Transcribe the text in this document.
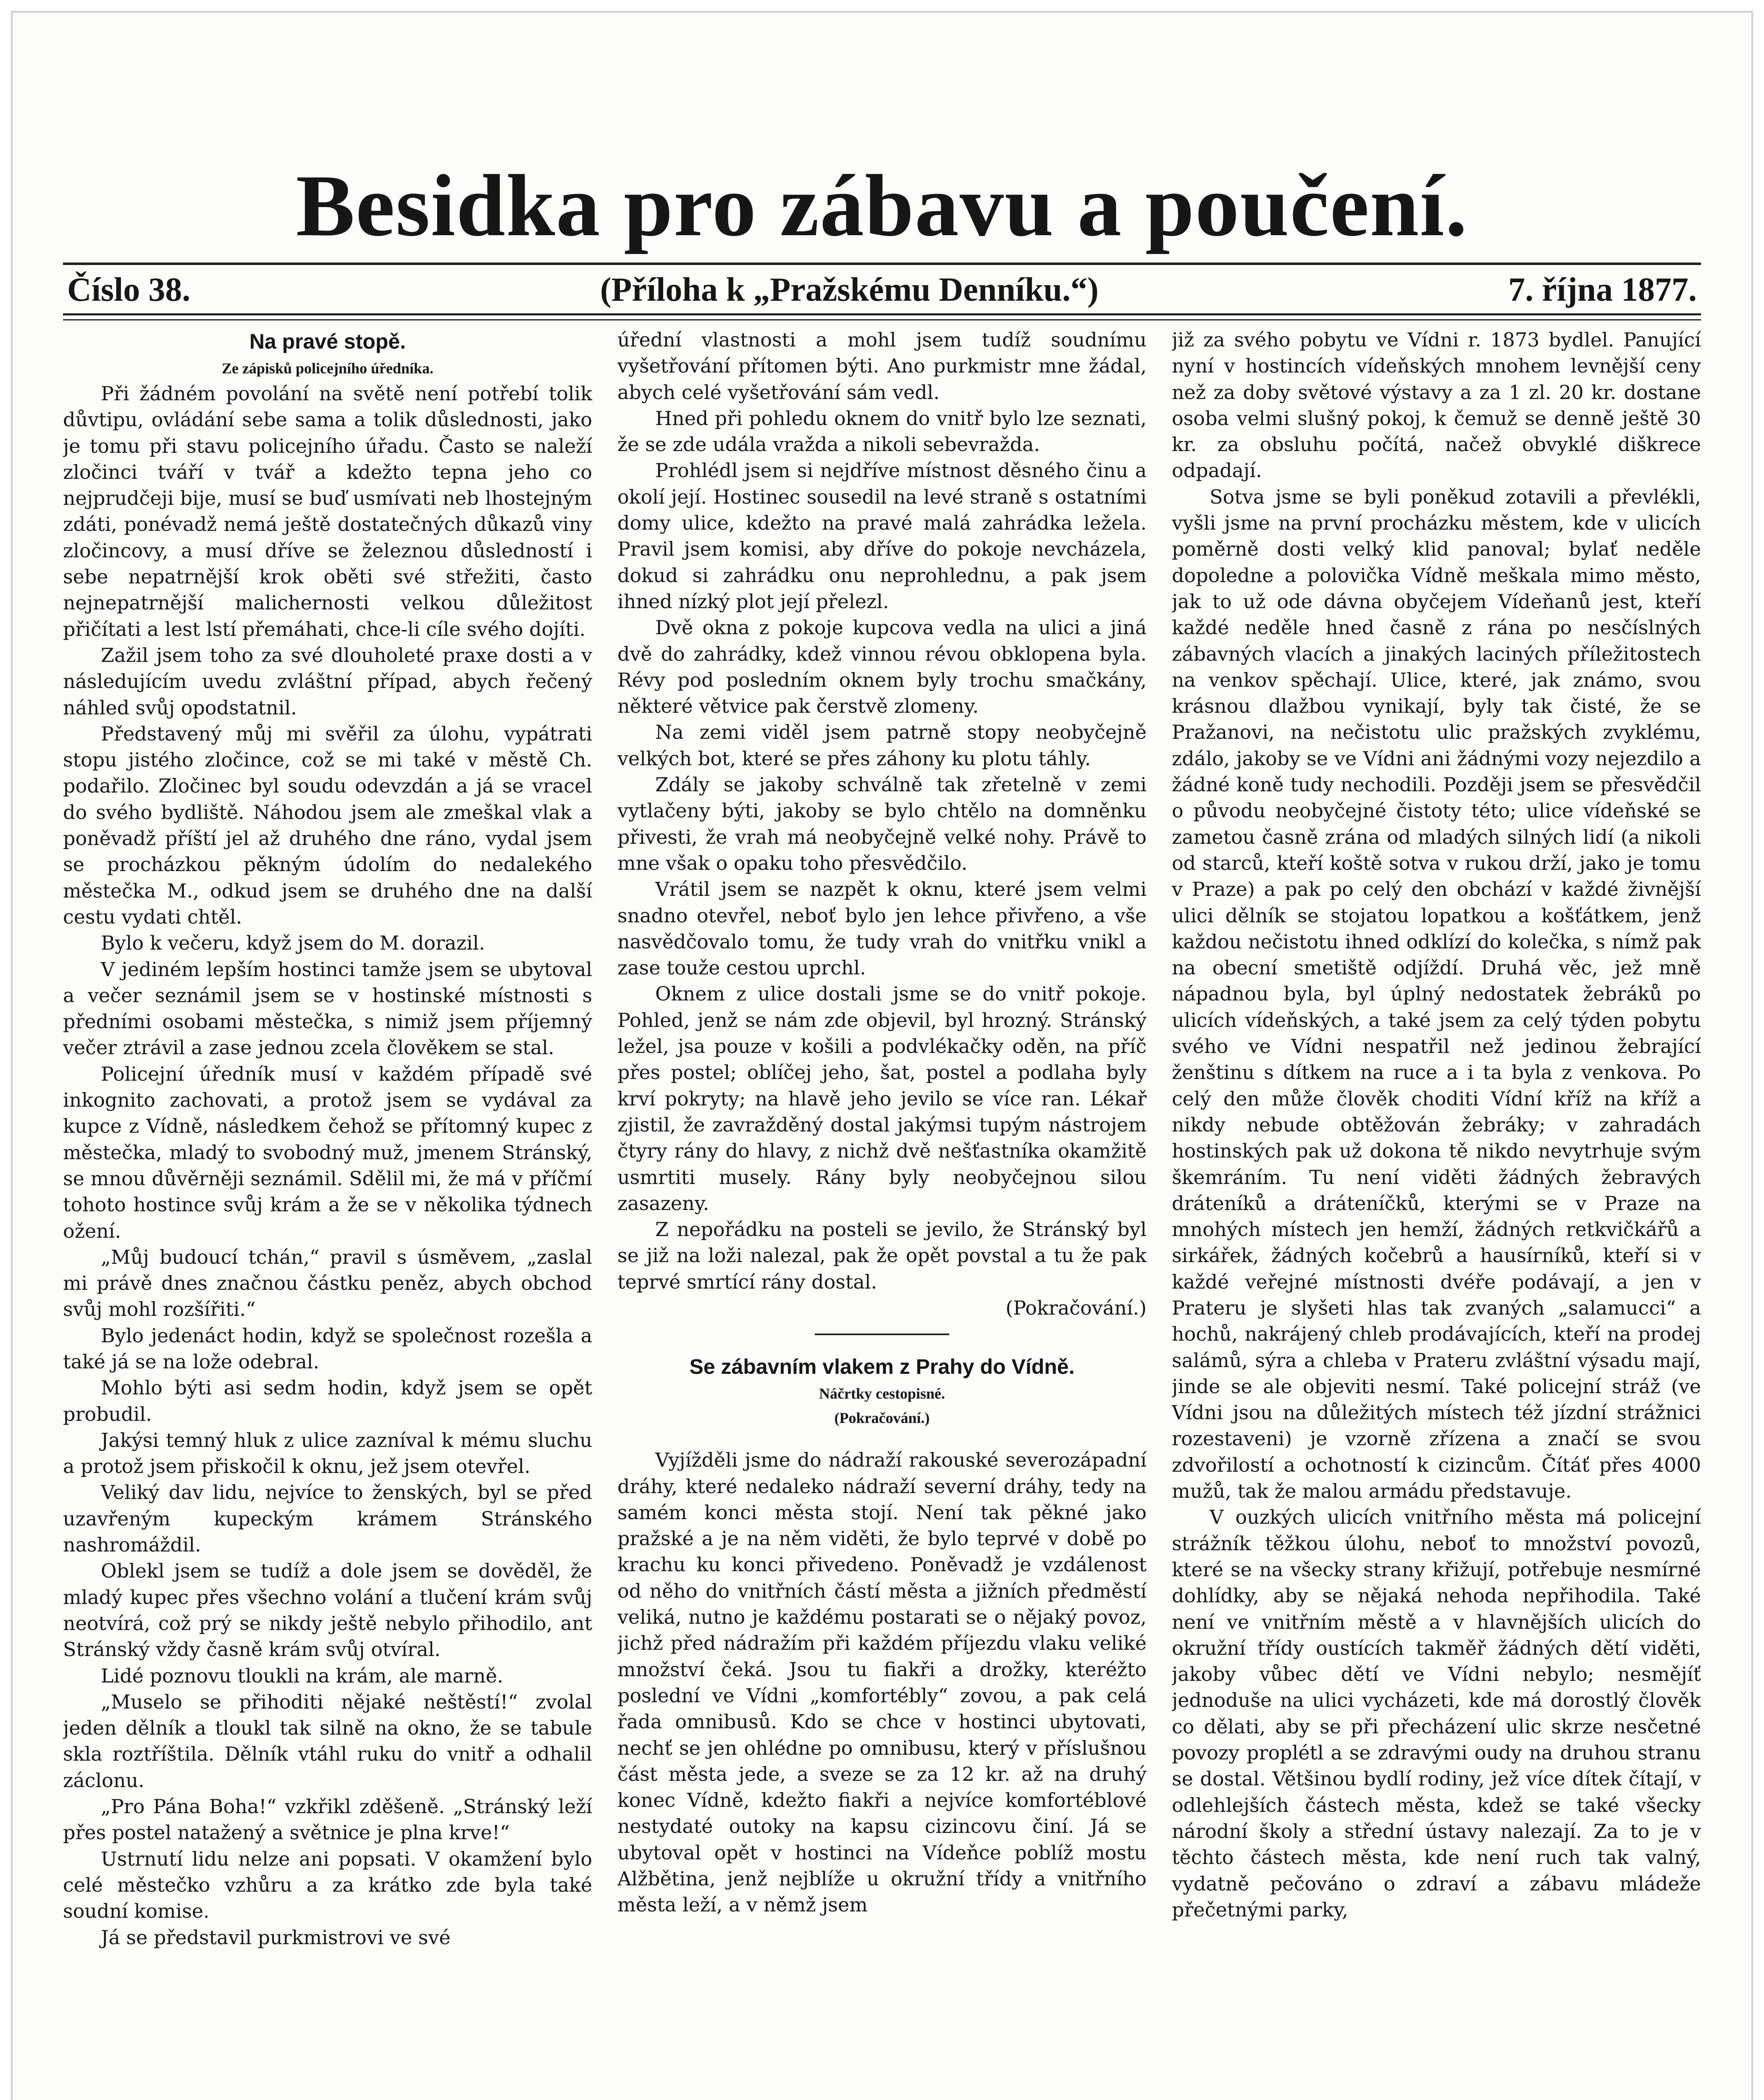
Besidka pro zábavu a poučení.
Číslo 38.	(Příloha k „Pražskému Denníku.“)	7. října 1877.

Na pravé stopě.

Ze zápisků policejního úředníka.

Při žádném povolání na světě není potřebí tolik důvtipu, ovládání sebe sama a tolik důslednosti, jako je tomu při stavu policejního úřadu. Často se naleží zločinci tváří v tvář a kdežto tepna jeho co nejprudčeji bije, musí se buď usmívati neb lhostejným zdáti, ponévadž nemá ještě dostatečných důkazů viny zločincovy, a musí dříve se železnou důsledností i sebe nepatrnější krok oběti své střežiti, často nejnepatrnější malichernosti velkou důležitost přičítati a lest lstí přemáhati, chce-li cíle svého dojíti.

Zažil jsem toho za své dlouholeté praxe dosti a v následujícím uvedu zvláštní případ, abych řečený náhled svůj opodstatnil.

Představený můj mi svěřil za úlohu, vypátrati stopu jistého zločince, což se mi také v městě Ch. podařilo. Zločinec byl soudu odevzdán a já se vracel do svého bydliště. Náhodou jsem ale zmeškal vlak a poněvadž příští jel až druhého dne ráno, vydal jsem se procházkou pěkným údolím do nedalekého městečka M., odkud jsem se druhého dne na další cestu vydati chtěl.

Bylo k večeru, když jsem do M. dorazil.

V jediném lepším hostinci tamže jsem se ubytoval a večer seznámil jsem se v hostinské místnosti s předními osobami městečka, s nimiž jsem příjemný večer ztrávil a zase jednou zcela člověkem se stal.

Policejní úředník musí v každém případě své inkognito zachovati, a protož jsem se vydával za kupce z Vídně, následkem čehož se přítomný kupec z městečka, mladý to svobodný muž, jmenem Stránský, se mnou důvěrněji seznámil. Sdělil mi, že má v příčmí tohoto hostince svůj krám a že se v několika týdnech ožení.

„Můj budoucí tchán,“ pravil s úsměvem, „zaslal mi právě dnes značnou částku peněz, abych obchod svůj mohl rozšířiti.“

Bylo jedenáct hodin, když se společnost rozešla a také já se na lože odebral.

Mohlo býti asi sedm hodin, když jsem se opět probudil.

Jakýsi temný hluk z ulice zazníval k mému sluchu a protož jsem přiskočil k oknu, jež jsem otevřel.

Veliký dav lidu, nejvíce to ženských, byl se před uzavřeným kupeckým krámem Stránského nashromáždil.

Oblekl jsem se tudíž a dole jsem se dověděl, že mladý kupec přes všechno volání a tlučení krám svůj neotvírá, což prý se nikdy ještě nebylo přihodilo, ant Stránský vždy časně krám svůj otvíral.

Lidé poznovu tloukli na krám, ale marně.

„Muselo se přihoditi nějaké neštěstí!“ zvolal jeden dělník a tloukl tak silně na okno, že se tabule skla roztříštila. Dělník vtáhl ruku do vnitř a odhalil záclonu.

„Pro Pána Boha!“ vzkřikl zděšeně. „Stránský leží přes postel natažený a světnice je plna krve!“

Ustrnutí lidu nelze ani popsati. V okamžení bylo celé městečko vzhůru a za krátko zde byla také soudní komise.

Já se představil purkmistrovi ve své

úřední vlastnosti a mohl jsem tudíž soudnímu vyšetřování přítomen býti. Ano purkmistr mne žádal, abych celé vyšetřování sám vedl.

Hned při pohledu oknem do vnitř bylo lze seznati, že se zde udála vražda a nikoli sebevražda.

Prohlédl jsem si nejdříve místnost děsného činu a okolí její. Hostinec sousedil na levé straně s ostatními domy ulice, kdežto na pravé malá zahrádka ležela. Pravil jsem komisi, aby dříve do pokoje nevcházela, dokud si zahrádku onu neprohlednu, a pak jsem ihned nízký plot její přelezl.

Dvě okna z pokoje kupcova vedla na ulici a jiná dvě do zahrádky, kdež vinnou révou obklopena byla. Révy pod posledním oknem byly trochu smačkány, některé větvice pak čerstvě zlomeny.

Na zemi viděl jsem patrně stopy neobyčejně velkých bot, které se přes záhony ku plotu táhly.

Zdály se jakoby schválně tak zřetelně v zemi vytlačeny býti, jakoby se bylo chtělo na domněnku přivesti, že vrah má neobyčejně velké nohy. Právě to mne však o opaku toho přesvědčilo.

Vrátil jsem se nazpět k oknu, které jsem velmi snadno otevřel, neboť bylo jen lehce přivřeno, a vše nasvědčovalo tomu, že tudy vrah do vnitřku vnikl a zase touže cestou uprchl.

Oknem z ulice dostali jsme se do vnitř pokoje. Pohled, jenž se nám zde objevil, byl hrozný. Stránský ležel, jsa pouze v košili a podvlékačky oděn, na příč přes postel; oblíčej jeho, šat, postel a podlaha byly krví pokryty; na hlavě jeho jevilo se více ran. Lékař zjistil, že zavražděný dostal jakýmsi tupým nástrojem čtyry rány do hlavy, z nichž dvě nešťastníka okamžitě usmrtiti musely. Rány byly neobyčejnou silou zasazeny.

Z nepořádku na posteli se jevilo, že Stránský byl se již na loži nalezal, pak že opět povstal a tu že pak teprvé smrtící rány dostal.

(Pokračování.)

Se zábavním vlakem z Prahy do Vídně.

Náčrtky cestopisné.

(Pokračování.)

Vyjížděli jsme do nádraží rakouské severozápadní dráhy, které nedaleko nádraží severní dráhy, tedy na samém konci města stojí. Není tak pěkné jako pražské a je na něm viděti, že bylo teprvé v době po krachu ku konci přivedeno. Poněvadž je vzdálenost od něho do vnitřních částí města a jižních předměstí veliká, nutno je každému postarati se o nějaký povoz, jichž před nádražím při každém příjezdu vlaku veliké množství čeká. Jsou tu fiakři a drožky, kteréžto poslední ve Vídni „komfortébly“ zovou, a pak celá řada omnibusů. Kdo se chce v hostinci ubytovati, nechť se jen ohlédne po omnibusu, který v příslušnou část města jede, a sveze se za 12 kr. až na druhý konec Vídně, kdežto fiakři a nejvíce komfortéblové nestydaté outoky na kapsu cizincovu činí. Já se ubytoval opět v hostinci na Vídeňce poblíž mostu Alžbětina, jenž nejblíže u okružní třídy a vnitřního města leží, a v němž jsem

již za svého pobytu ve Vídni r. 1873 bydlel. Panující nyní v hostincích vídeňských mnohem levnější ceny než za doby světové výstavy a za 1 zl. 20 kr. dostane osoba velmi slušný pokoj, k čemuž se denně ještě 30 kr. za obsluhu počítá, načež obvyklé diškrece odpadají.

Sotva jsme se byli poněkud zotavili a převlékli, vyšli jsme na první procházku městem, kde v ulicích poměrně dosti velký klid panoval; bylať neděle dopoledne a polovička Vídně meškala mimo město, jak to už ode dávna obyčejem Vídeňanů jest, kteří každé neděle hned časně z rána po nesčíslných zábavných vlacích a jinakých laciných příležitostech na venkov spěchají. Ulice, které, jak známo, svou krásnou dlažbou vynikají, byly tak čisté, že se Pražanovi, na nečistotu ulic pražských zvyklému, zdálo, jakoby se ve Vídni ani žádnými vozy nejezdilo a žádné koně tudy nechodili. Později jsem se přesvědčil o původu neobyčejné čistoty této; ulice vídeňské se zametou časně zrána od mladých silných lidí (a nikoli od starců, kteří koště sotva v rukou drží, jako je tomu v Praze) a pak po celý den obchází v každé živnější ulici dělník se stojatou lopatkou a košťátkem, jenž každou nečistotu ihned odklízí do kolečka, s nímž pak na obecní smetiště odjíždí. Druhá věc, jež mně nápadnou byla, byl úplný nedostatek žebráků po ulicích vídeňských, a také jsem za celý týden pobytu svého ve Vídni nespatřil než jedinou žebrající ženštinu s dítkem na ruce a i ta byla z venkova. Po celý den může člověk choditi Vídní kříž na kříž a nikdy nebude obtěžován žebráky; v zahradách hostinských pak už dokona tě nikdo nevytrhuje svým škemráním. Tu není viděti žádných žebravých dráteníků a dráteníčků, kterými se v Praze na mnohých místech jen hemží, žádných retkvičkářů a sirkářek, žádných kočebrů a hausírníků, kteří si v každé veřejné místnosti dvéře podávají, a jen v Prateru je slyšeti hlas tak zvaných „salamucci“ a hochů, nakrájený chleb prodávajících, kteří na prodej salámů, sýra a chleba v Prateru zvláštní výsadu mají, jinde se ale objeviti nesmí. Také policejní stráž (ve Vídni jsou na důležitých místech též jízdní strážnici rozestaveni) je vzorně zřízena a značí se svou zdvořilostí a ochotností k cizincům. Čítáť přes 4000 mužů, tak že malou armádu představuje.

V ouzkých ulicích vnitřního města má policejní strážník těžkou úlohu, neboť to množství povozů, které se na všecky strany křižují, potřebuje nesmírné dohlídky, aby se nějaká nehoda nepřihodila. Také není ve vnitřním městě a v hlavnějších ulicích do okružní třídy oustících takměř žádných dětí viděti, jakoby vůbec dětí ve Vídni nebylo; nesmějíť jednoduše na ulici vycházeti, kde má dorostlý člověk co dělati, aby se při přecházení ulic skrze nesčetné povozy proplétl a se zdravými oudy na druhou stranu se dostal. Většinou bydlí rodiny, jež více dítek čítají, v odlehlejších částech města, kdež se také všecky národní školy a střední ústavy nalezají. Za to je v těchto částech města, kde není ruch tak valný, vydatně pečováno o zdraví a zábavu mládeže přečetnými parky,
